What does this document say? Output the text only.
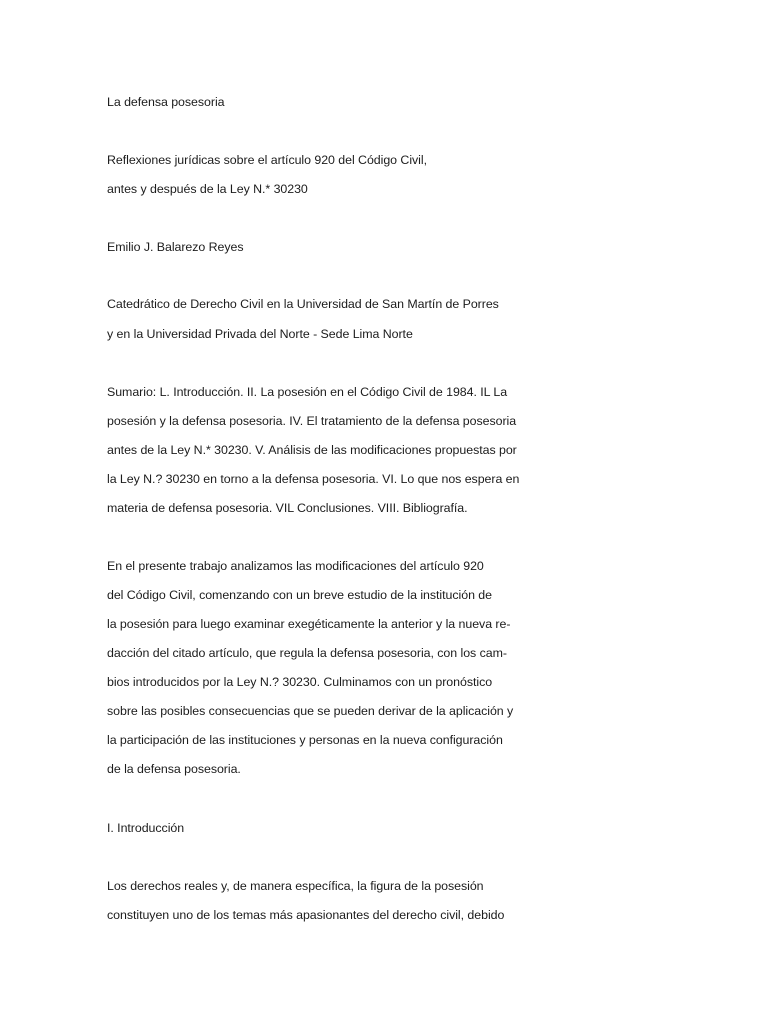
La defensa posesoria

Reflexiones jurídicas sobre el artículo 920 del Código Civil,

antes y después de la Ley N.* 30230

Emilio J. Balarezo Reyes

Catedrático de Derecho Civil en la Universidad de San Martín de Porres

y en la Universidad Privada del Norte - Sede Lima Norte

Sumario: L. Introducción. II. La posesión en el Código Civil de 1984. IL La

posesión y la defensa posesoria. IV. El tratamiento de la defensa posesoria

antes de la Ley N.* 30230. V. Análisis de las modificaciones propuestas por

la Ley N.? 30230 en torno a la defensa posesoria. VI. Lo que nos espera en

materia de defensa posesoria. VIL Conclusiones. VIII. Bibliografía.

En el presente trabajo analizamos las modificaciones del artículo 920

del Código Civil, comenzando con un breve estudio de la institución de

la posesión para luego examinar exegéticamente la anterior y la nueva re-

dacción del citado artículo, que regula la defensa posesoria, con los cam-

bios introducidos por la Ley N.? 30230. Culminamos con un pronóstico

sobre las posibles consecuencias que se pueden derivar de la aplicación y

la participación de las instituciones y personas en la nueva configuración

de la defensa posesoria.

I. Introducción

Los derechos reales y, de manera específica, la figura de la posesión

constituyen uno de los temas más apasionantes del derecho civil, debido
